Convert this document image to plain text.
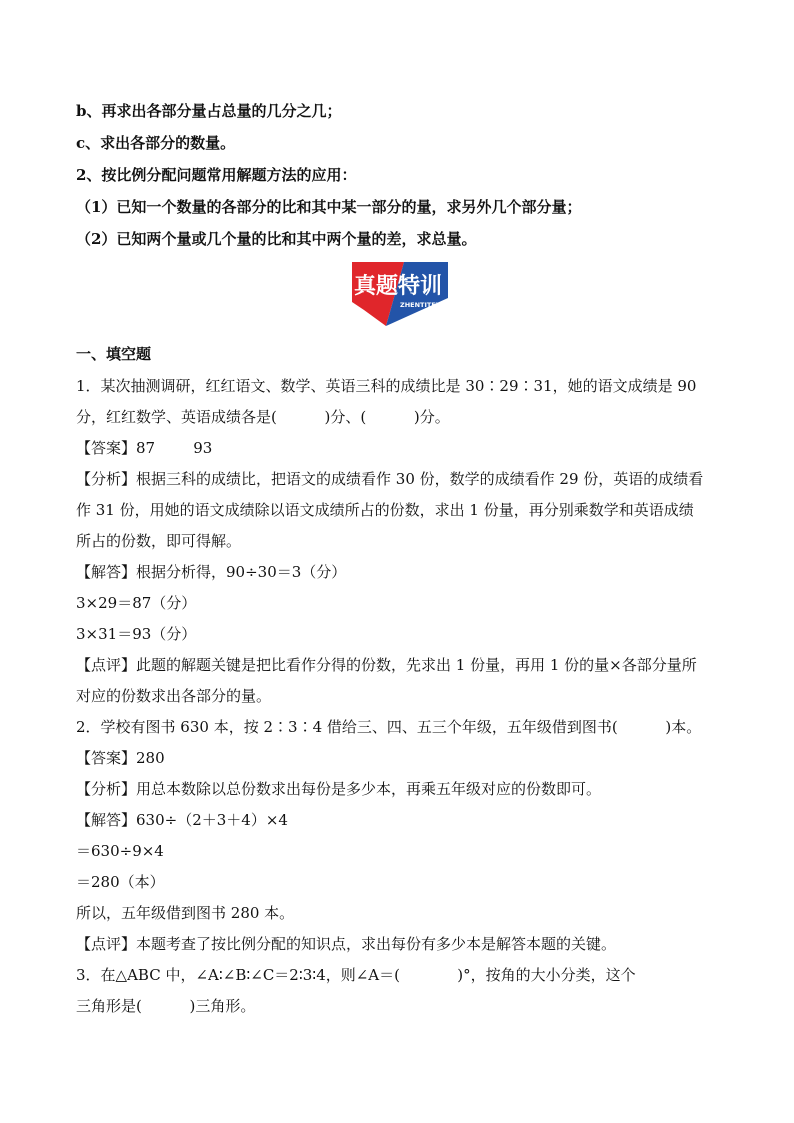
b、再求出各部分量占总量的几分之几；
c、求出各部分的数量。
2、按比例分配问题常用解题方法的应用：
（1）已知一个数量的各部分的比和其中某一部分的量，求另外几个部分量；
（2）已知两个量或几个量的比和其中两个量的差，求总量。
真题特训
ZHENTITEXUN
一、填空题
1．某次抽测调研，红红语文、数学、英语三科的成绩比是 30∶29∶31，她的语文成绩是 90
分，红红数学、英语成绩各是(          )分、(          )分。
【答案】87        93
【分析】根据三科的成绩比，把语文的成绩看作 30 份，数学的成绩看作 29 份，英语的成绩看
作 31 份，用她的语文成绩除以语文成绩所占的份数，求出 1 份量，再分别乘数学和英语成绩
所占的份数，即可得解。
【解答】根据分析得，90÷30＝3（分）
3×29＝87（分）
3×31＝93（分）
【点评】此题的解题关键是把比看作分得的份数，先求出 1 份量，再用 1 份的量×各部分量所
对应的份数求出各部分的量。
2．学校有图书 630 本，按 2∶3∶4 借给三、四、五三个年级，五年级借到图书(          )本。
【答案】280
【分析】用总本数除以总份数求出每份是多少本，再乘五年级对应的份数即可。
【解答】630÷（2＋3＋4）×4
＝630÷9×4
＝280（本）
所以，五年级借到图书 280 本。
【点评】本题考查了按比例分配的知识点，求出每份有多少本是解答本题的关键。
3．在△ABC 中，∠A∶∠B∶∠C＝2∶3∶4，则∠A＝(            )°，按角的大小分类，这个
三角形是(          )三角形。
